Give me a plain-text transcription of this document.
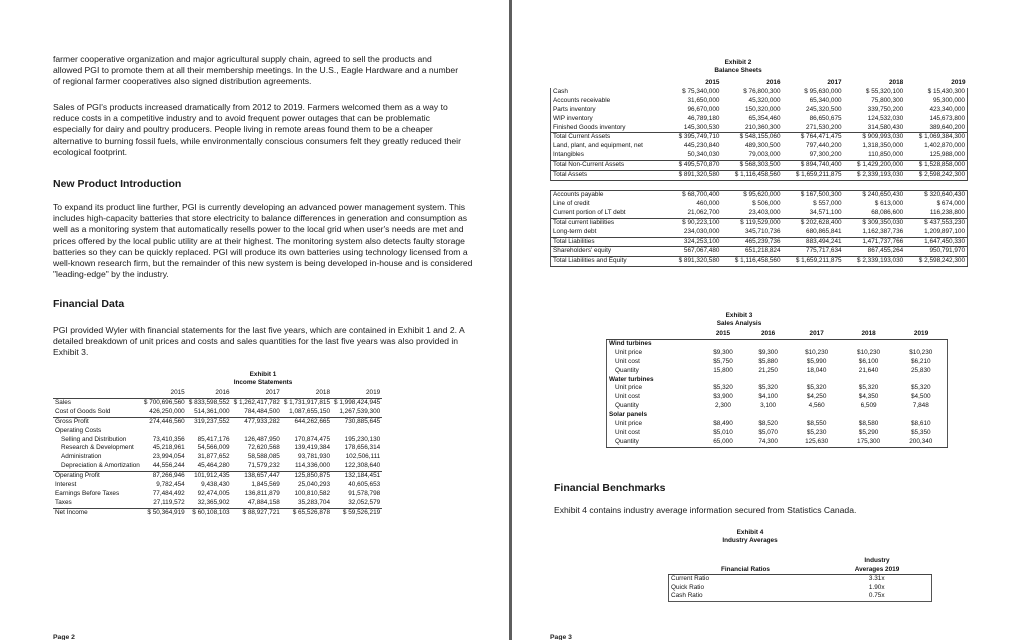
farmer cooperative organization and major agricultural supply chain, agreed to sell the products and allowed PGI to promote them at all their membership meetings. In the U.S., Eagle Hardware and a number of regional farmer cooperatives also signed distribution agreements.
Sales of PGI's products increased dramatically from 2012 to 2019. Farmers welcomed them as a way to reduce costs in a competitive industry and to avoid frequent power outages that can be problematic especially for dairy and poultry producers. People living in remote areas found them to be a cheaper alternative to burning fossil fuels, while environmentally conscious consumers felt they greatly reduced their ecological footprint.
New Product Introduction
To expand its product line further, PGI is currently developing an advanced power management system. This includes high-capacity batteries that store electricity to balance differences in generation and consumption as well as a monitoring system that automatically resells power to the local grid when user's needs are met and prices offered by the local public utility are at their highest. The monitoring system also detects faulty storage batteries so they can be quickly replaced. PGI will produce its own batteries using technology licensed from a well-known research firm, but the remainder of this new system is being developed in-house and is considered "leading-edge" by the industry.
Financial Data
PGI provided Wyler with financial statements for the last five years, which are contained in Exhibit 1 and 2. A detailed breakdown of unit prices and costs and sales quantities for the last five years was also provided in Exhibit 3.
Exhibit 1
Income Statements
	2015	2016	2017	2018	2019
Sales	$ 700,696,560	$ 833,598,552	$ 1,262,417,782	$ 1,731,917,815	$ 1,998,424,945
Cost of Goods Sold	426,250,000	514,361,000	784,484,500	1,087,655,150	1,267,539,300
Gross Profit	274,446,560	319,237,552	477,933,282	644,262,665	730,885,645
Operating Costs					
Selling and Distribution	73,410,356	85,417,176	126,487,950	170,874,475	195,230,130
Research & Development	45,218,961	54,566,009	72,620,568	139,419,384	178,656,314
Administration	23,994,054	31,877,652	58,588,085	93,781,930	102,506,111
Depreciation & Amortization	44,556,244	45,464,280	71,579,232	114,336,000	122,308,640
Operating Profit	87,266,946	101,912,435	138,657,447	125,850,875	132,184,451
Interest	9,782,454	9,438,430	1,845,569	25,040,293	40,605,653
Earnings Before Taxes	77,484,492	92,474,005	136,811,879	100,810,582	91,578,798
Taxes	27,119,572	32,365,902	47,884,158	35,283,704	32,052,579
Net Income	$ 50,364,919	$ 60,108,103	$ 88,927,721	$ 65,526,878	$ 59,526,219
Page 2
Exhibit 2
Balance Sheets
	2015	2016	2017	2018	2019
Cash	$ 75,340,000	$ 76,800,300	$ 95,630,000	$ 55,320,100	$ 15,430,300
Accounts receivable	31,650,000	45,320,000	65,340,000	75,800,300	95,300,000
Parts inventory	96,670,000	150,320,000	245,320,500	339,750,200	423,340,000
WIP inventory	46,789,180	65,354,460	86,650,675	124,532,030	145,673,800
Finished Goods inventory	145,300,530	210,360,300	271,530,200	314,580,430	389,640,200
Total Current Assets	$ 395,749,710	$ 548,155,060	$ 764,471,475	$ 909,993,030	$ 1,069,384,300
Land, plant, and equipment, net	445,230,840	489,300,500	797,440,200	1,318,350,000	1,402,870,000
Intangibles	50,340,030	79,003,000	97,300,200	110,850,000	125,988,000
Total Non-Current Assets	$ 495,570,870	$ 568,303,500	$ 894,740,400	$ 1,429,200,000	$ 1,528,858,000
Total Assets	$ 891,320,580	$ 1,116,458,560	$ 1,659,211,875	$ 2,339,193,030	$ 2,598,242,300

Accounts payable	$ 68,700,400	$ 95,620,000	$ 167,500,300	$ 240,650,430	$ 320,640,430
Line of credit	460,000	$ 506,000	$ 557,000	$ 613,000	$ 674,000
Current portion of LT debt	21,062,700	23,403,000	34,571,100	68,086,600	116,238,800
Total current liabilities	$ 90,223,100	$ 119,529,000	$ 202,628,400	$ 309,350,030	$ 437,553,230
Long-term debt	234,030,000	345,710,736	680,865,841	1,162,387,736	1,209,897,100
Total Liabilities	324,253,100	465,239,736	883,494,241	1,471,737,766	1,647,450,330
Shareholders' equity	567,067,480	651,218,824	775,717,634	867,455,264	950,791,970
Total Liabilities and Equity	$ 891,320,580	$ 1,116,458,560	$ 1,659,211,875	$ 2,339,193,030	$ 2,598,242,300
Exhibit 3
Sales Analysis
	2015	2016	2017	2018	2019
Wind turbines					
Unit price	$9,300	$9,300	$10,230	$10,230	$10,230
Unit cost	$5,750	$5,880	$5,990	$6,100	$6,210
Quantity	15,800	21,250	18,040	21,640	25,830
Water turbines					
Unit price	$5,320	$5,320	$5,320	$5,320	$5,320
Unit cost	$3,900	$4,100	$4,250	$4,350	$4,500
Quantity	2,300	3,100	4,560	6,509	7,848
Solar panels					
Unit price	$8,490	$8,520	$8,550	$8,580	$8,610
Unit cost	$5,010	$5,070	$5,230	$5,290	$5,350
Quantity	65,000	74,300	125,630	175,300	200,340
Financial Benchmarks
Exhibit 4 contains industry average information secured from Statistics Canada.
Exhibit 4
Industry Averages
	Industry
Financial Ratios	Averages 2019
Current Ratio	3.31x
Quick Ratio	1.90x
Cash Ratio	0.75x
Page 3
